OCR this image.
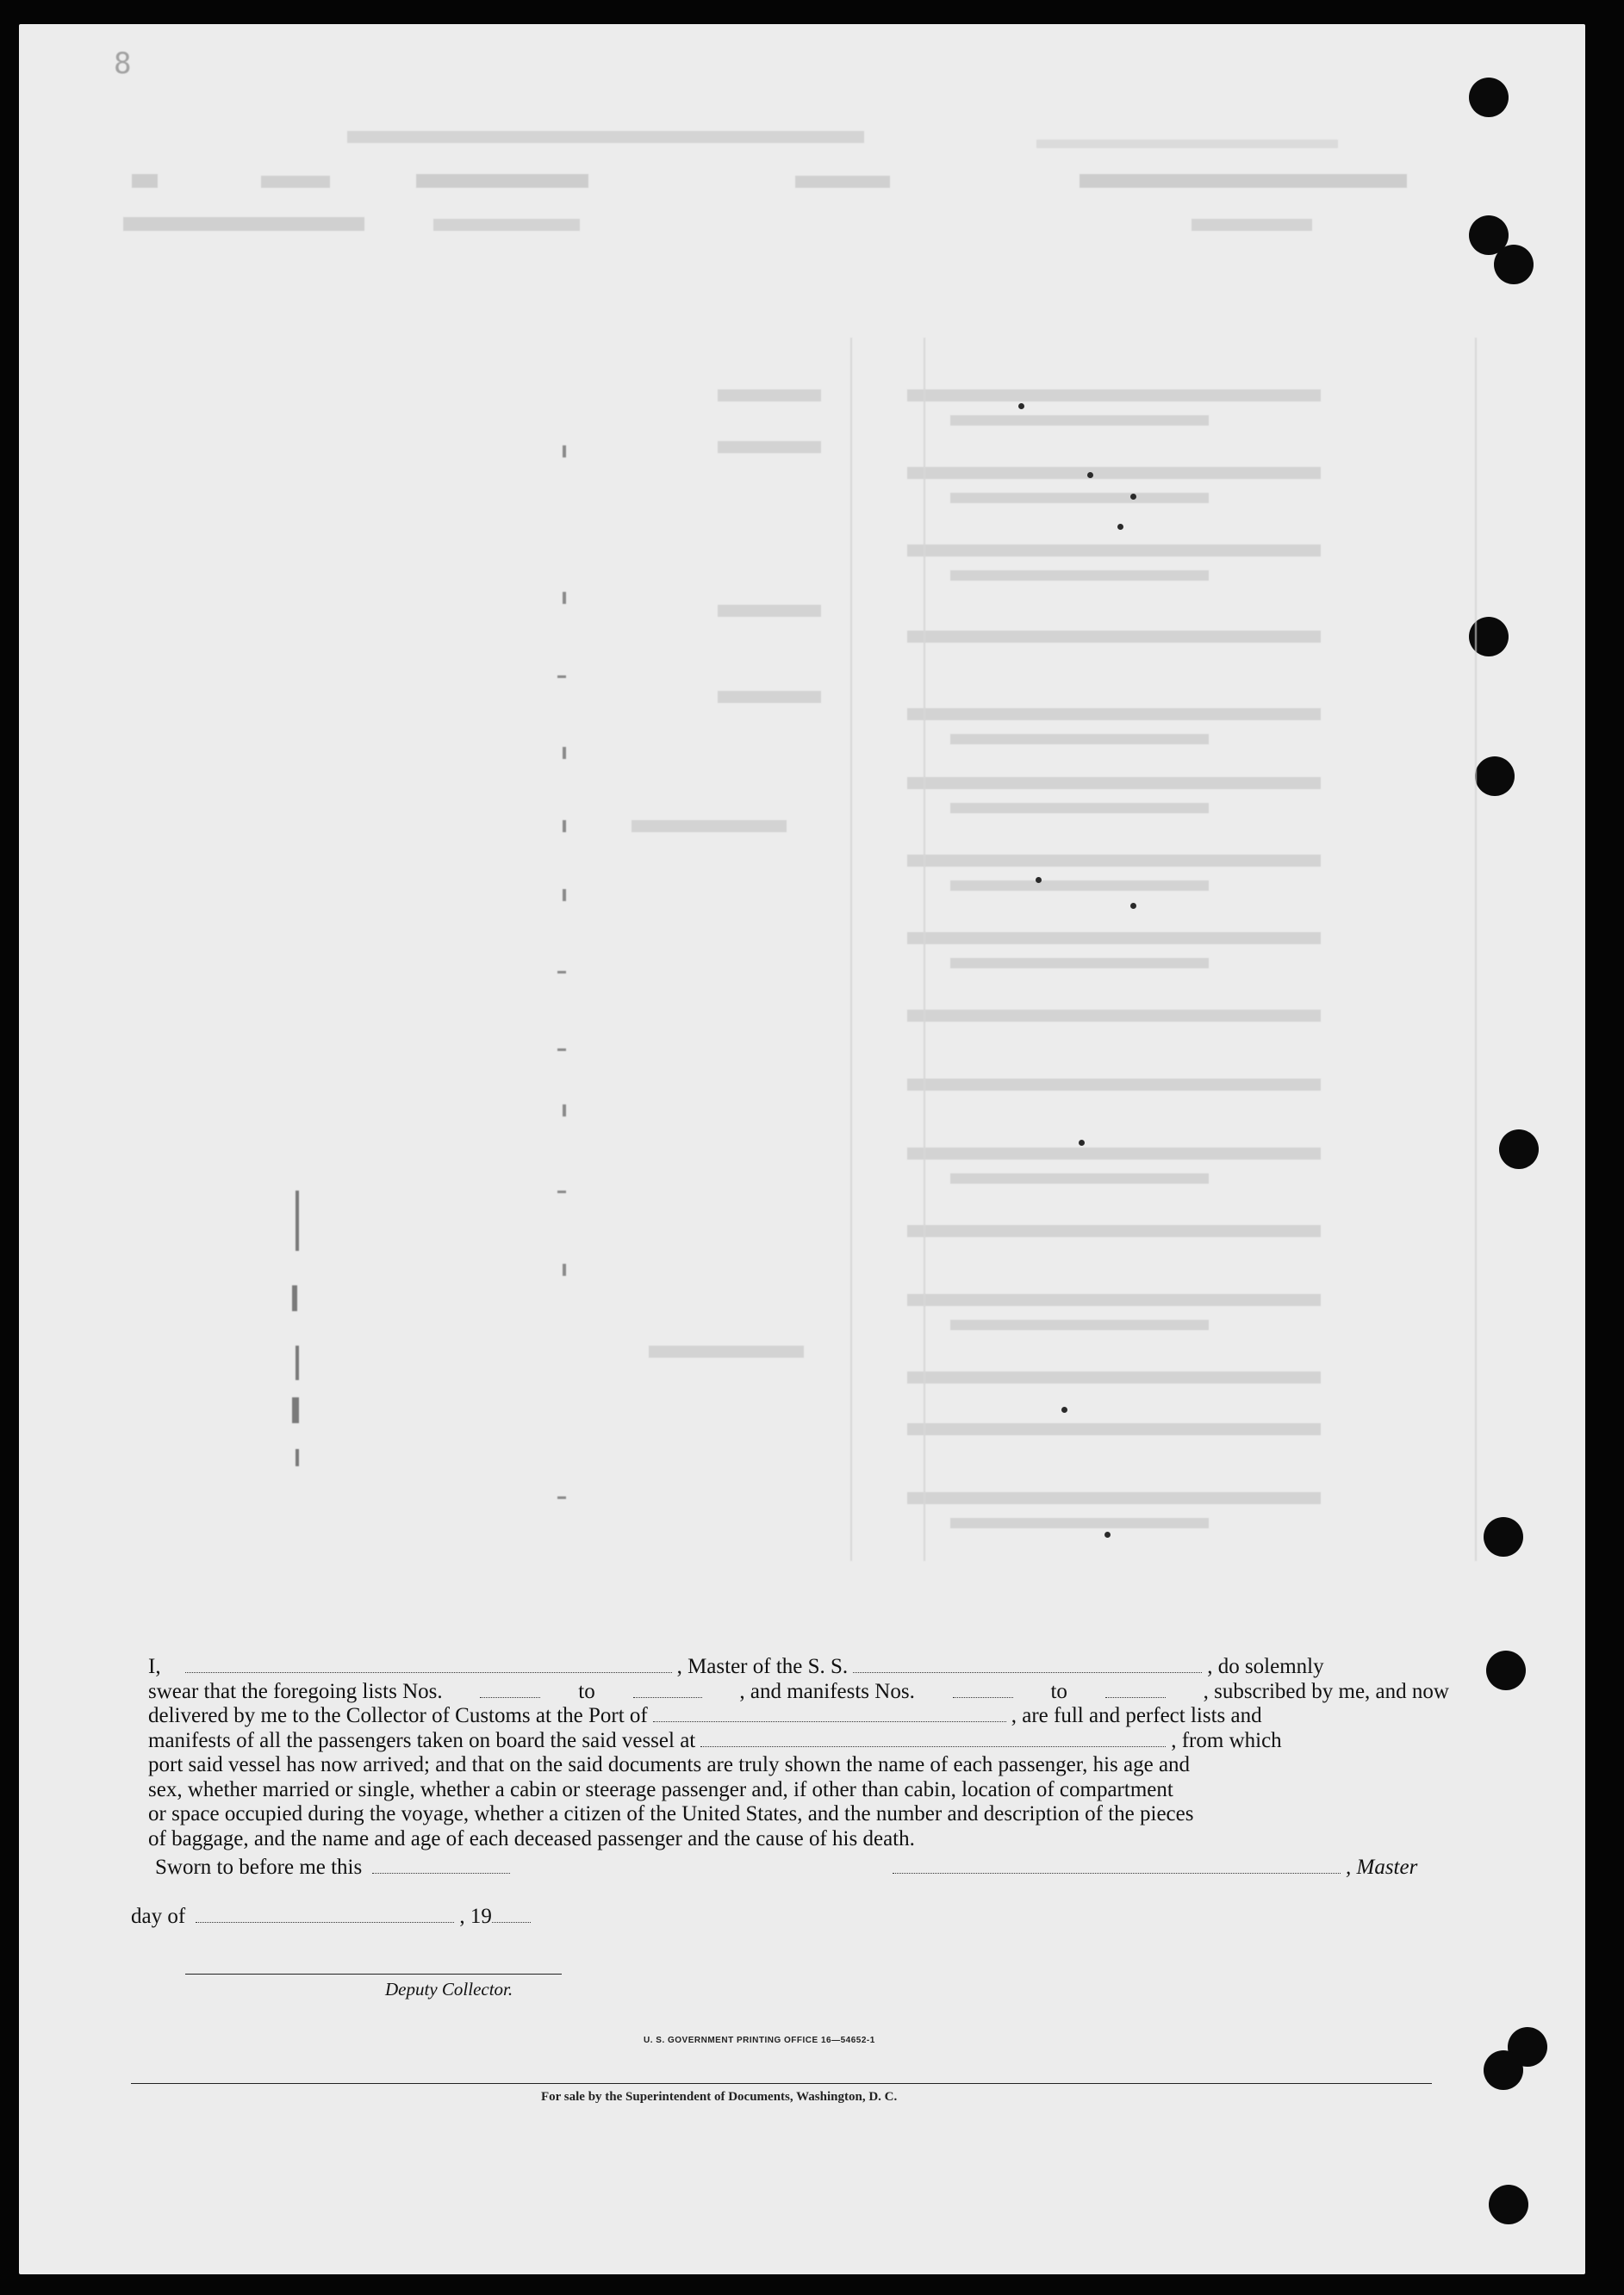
8

I,	, Master of the S. S.	, do solemnly
swear that the foregoing lists Nos.	to	, and manifests Nos.	to	, subscribed by me, and now
delivered by me to the Collector of Customs at the Port of	, are full and perfect lists and
manifests of all the passengers taken on board the said vessel at	, from which
port said vessel has now arrived; and that on the said documents are truly shown the name of each passenger, his age and
sex, whether married or single, whether a cabin or steerage passenger and, if other than cabin, location of compartment
or space occupied during the voyage, whether a citizen of the United States, and the number and description of the pieces
of baggage, and the name and age of each deceased passenger and the cause of his death.
Sworn to before me this	, Master
day of	, 19
Deputy Collector.
U. S. GOVERNMENT PRINTING OFFICE 16—54652-1
For sale by the Superintendent of Documents, Washington, D. C.
